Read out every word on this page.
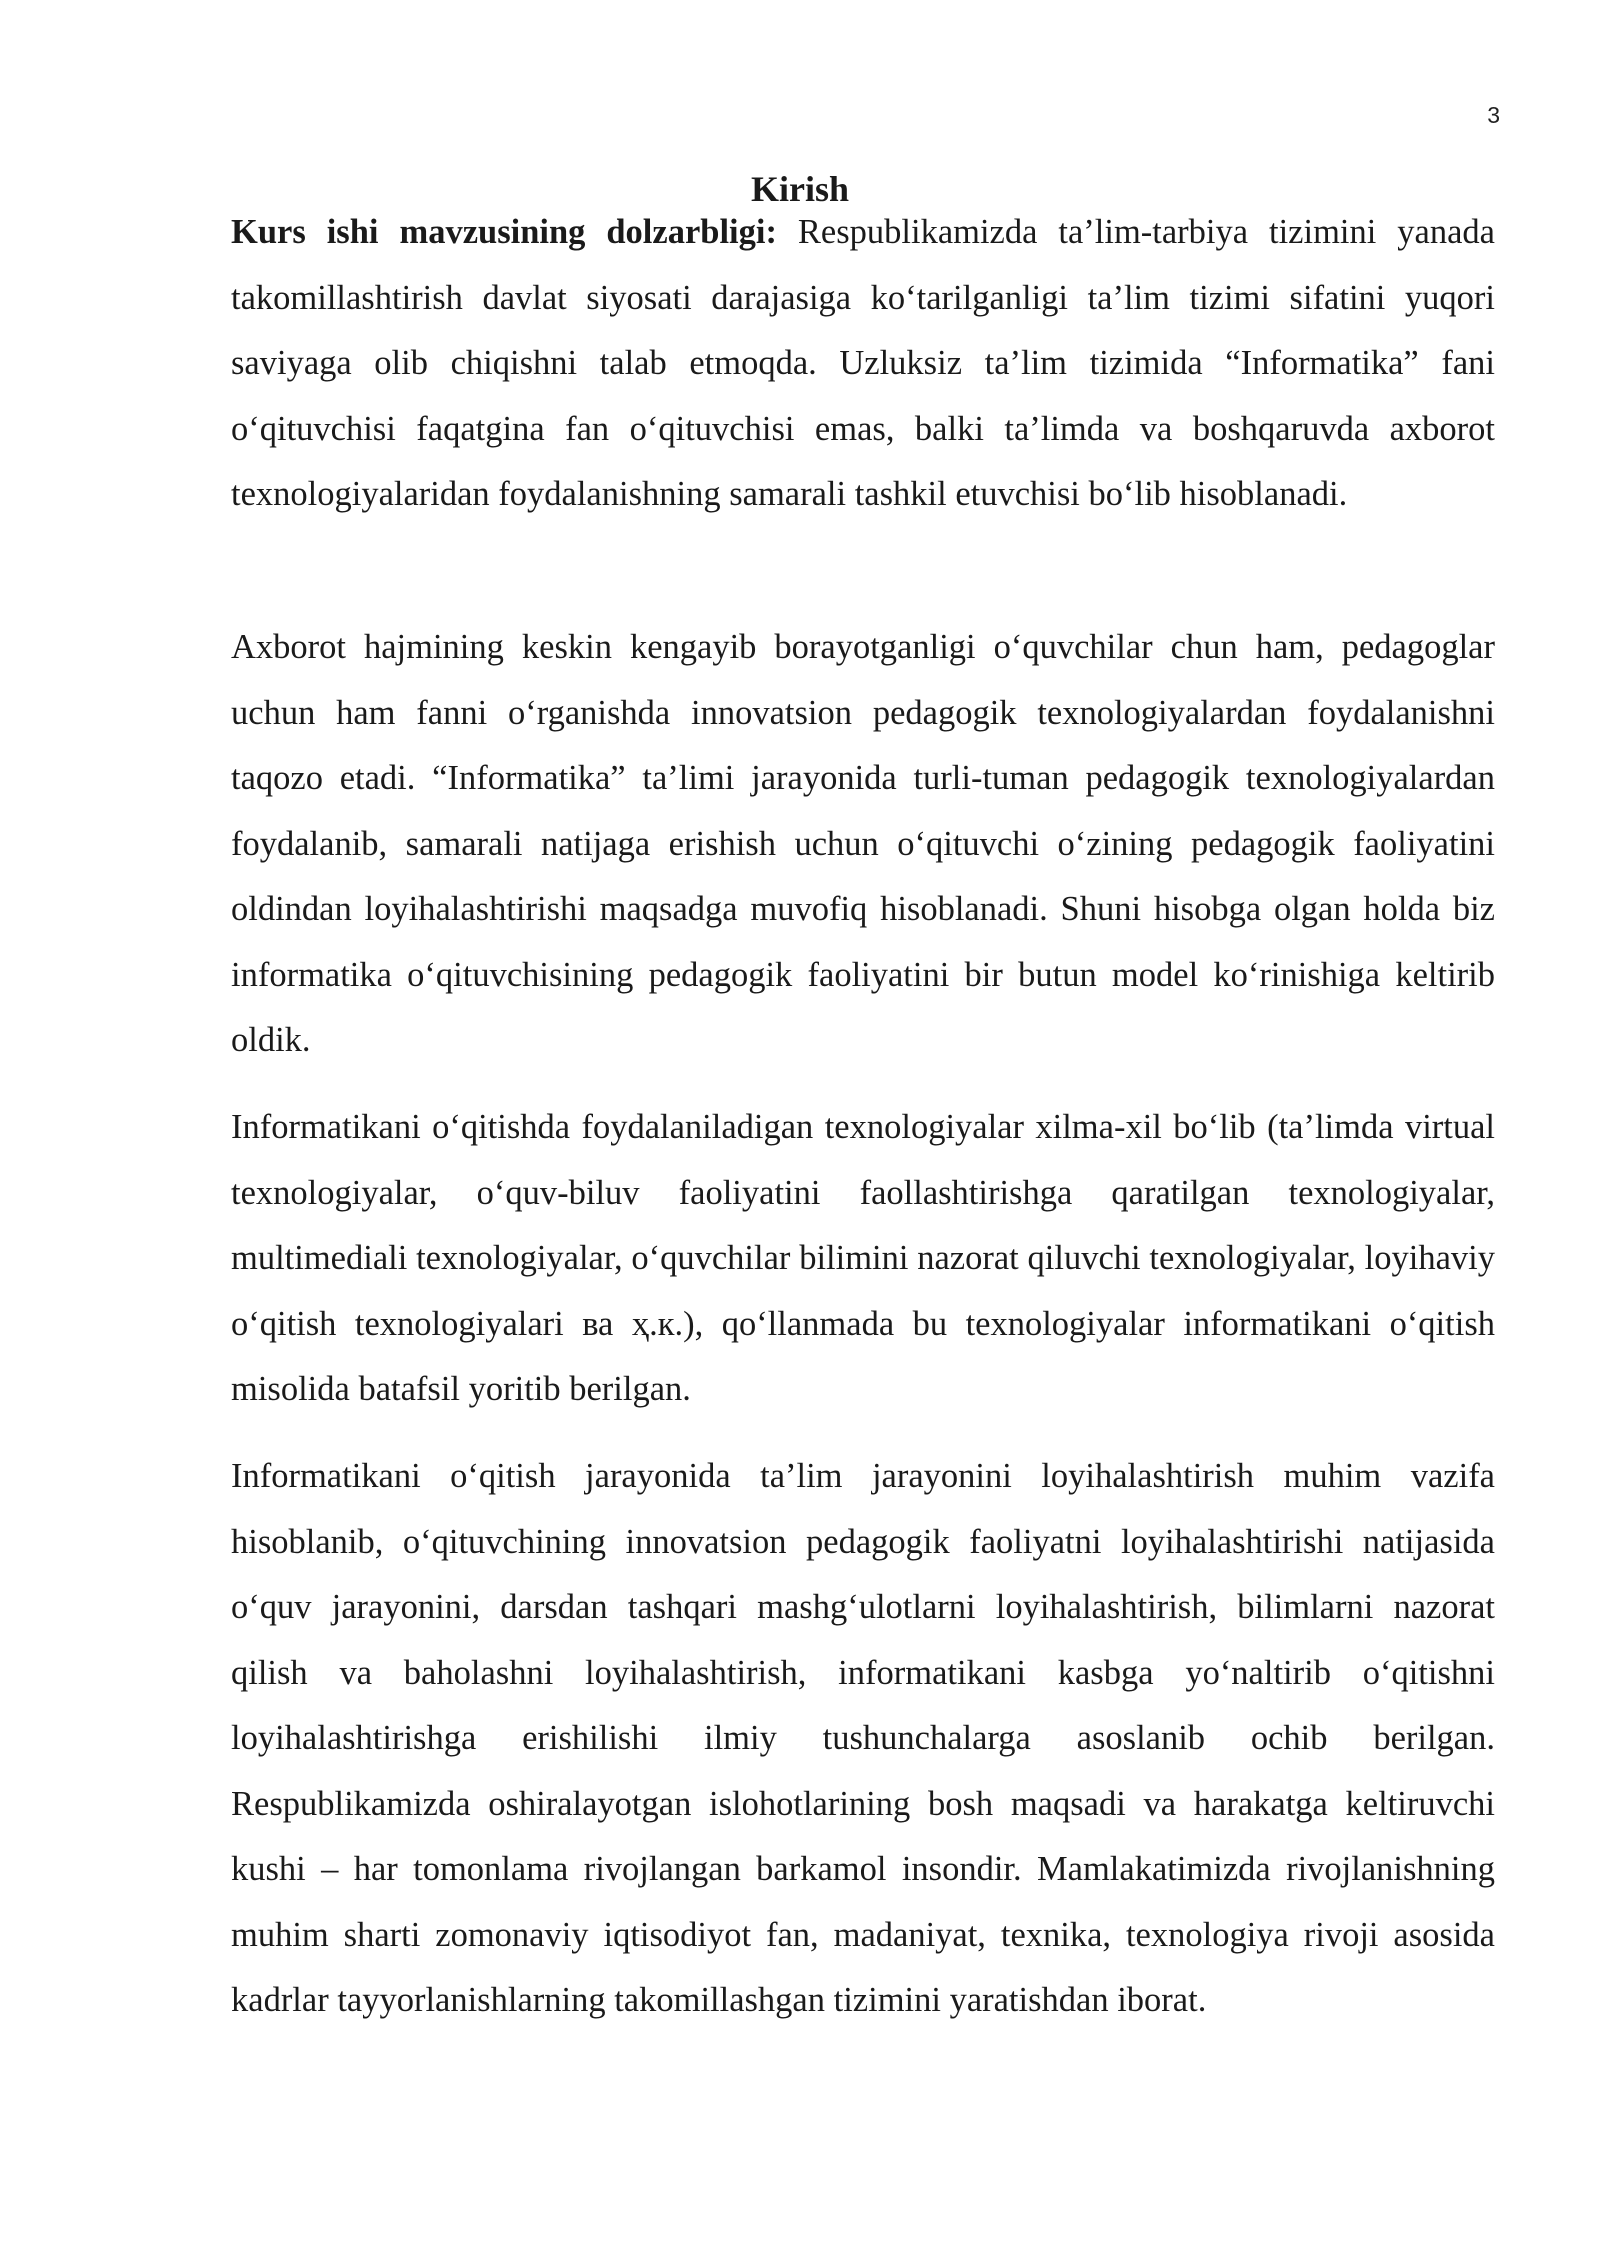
3
Kirish

Kurs ishi mavzusining dolzarbligi: Respublikamizda ta’lim-tarbiya tizimini yanada takomillashtirish davlat siyosati darajasiga ko‘tarilganligi ta’lim tizimi sifatini yuqori saviyaga olib chiqishni talab etmoqda. Uzluksiz ta’lim tizimida “Informatika” fani o‘qituvchisi faqatgina fan o‘qituvchisi emas, balki ta’limda va boshqaruvda axborot texnologiyalaridan foydalanishning samarali tashkil etuvchisi bo‘lib hisoblanadi.

Axborot hajmining keskin kengayib borayotganligi o‘quvchilar chun ham, pedagoglar uchun ham fanni o‘rganishda innovatsion pedagogik texnologiyalardan foydalanishni taqozo etadi. “Informatika” ta’limi jarayonida turli-tuman pedagogik texnologiyalardan foydalanib, samarali natijaga erishish uchun o‘qituvchi o‘zining pedagogik faoliyatini oldindan loyihalashtirishi maqsadga muvofiq hisoblanadi. Shuni hisobga olgan holda biz informatika o‘qituvchisining pedagogik faoliyatini bir butun model ko‘rinishiga keltirib oldik.

Informatikani o‘qitishda foydalaniladigan texnologiyalar xilma-xil bo‘lib (ta’limda virtual texnologiyalar, o‘quv-biluv faoliyatini faollashtirishga qaratilgan texnologiyalar, multimediali texnologiyalar, o‘quvchilar bilimini nazorat qiluvchi texnologiyalar, loyihaviy o‘qitish texnologiyalari ва ҳ.к.), qo‘llanmada bu texnologiyalar informatikani o‘qitish misolida batafsil yoritib berilgan.

Informatikani o‘qitish jarayonida ta’lim jarayonini loyihalashtirish muhim vazifa hisoblanib, o‘qituvchining innovatsion pedagogik faoliyatni loyihalashtirishi natijasida o‘quv jarayonini, darsdan tashqari mashg‘ulotlarni loyihalashtirish, bilimlarni nazorat qilish va baholashni loyihalashtirish, informatikani kasbga yo‘naltirib o‘qitishni loyihalashtirishga erishilishi ilmiy tushunchalarga asoslanib ochib berilgan. Respublikamizda oshiralayotgan islohotlarining bosh maqsadi va harakatga keltiruvchi kushi – har tomonlama rivojlangan barkamol insondir. Mamlakatimizda rivojlanishning muhim sharti zomonaviy iqtisodiyot fan, madaniyat, texnika, texnologiya rivoji asosida kadrlar tayyorlanishlarning takomillashgan tizimini yaratishdan iborat.
